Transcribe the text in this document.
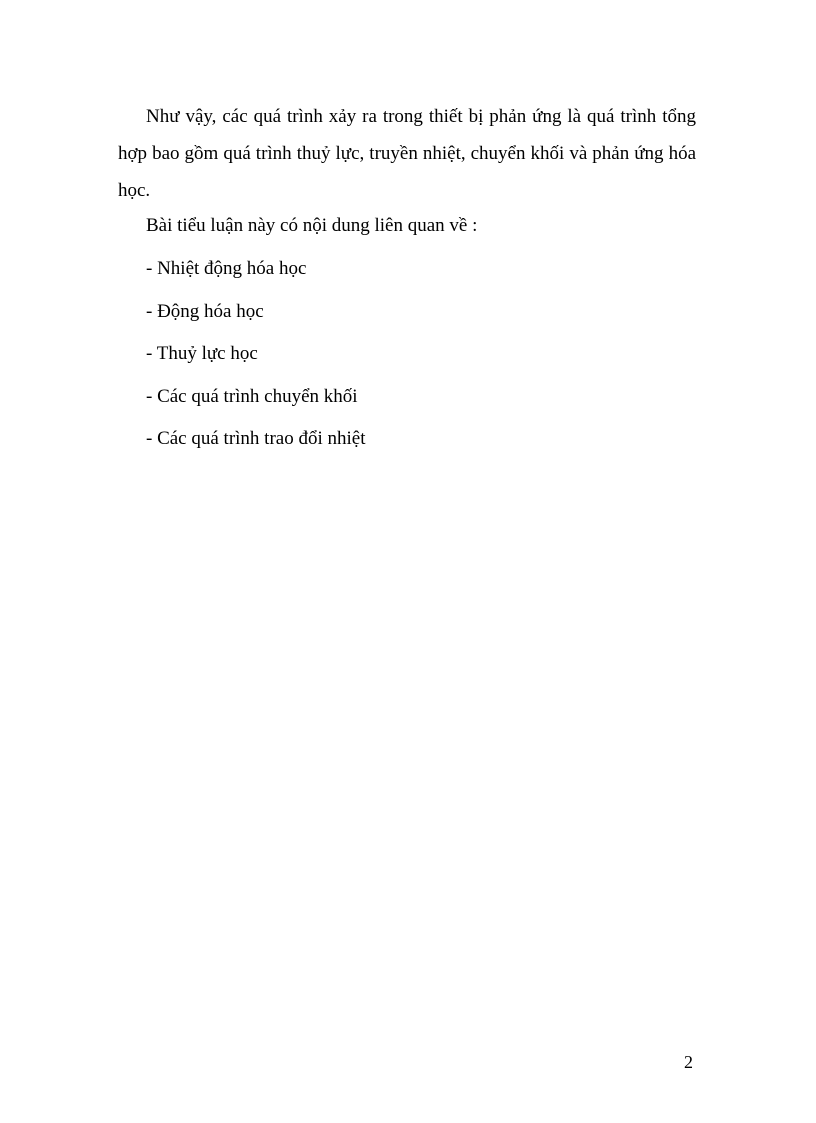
Như vậy, các quá trình xảy ra trong thiết bị phản ứng là quá trình tổng hợp bao gồm quá trình thuỷ lực, truyền nhiệt, chuyển khối và phản ứng hóa học.

Bài tiểu luận này có nội dung liên quan về :

- Nhiệt động hóa học
- Động hóa học
- Thuỷ lực học
- Các quá trình chuyển khối
- Các quá trình trao đổi nhiệt

2
